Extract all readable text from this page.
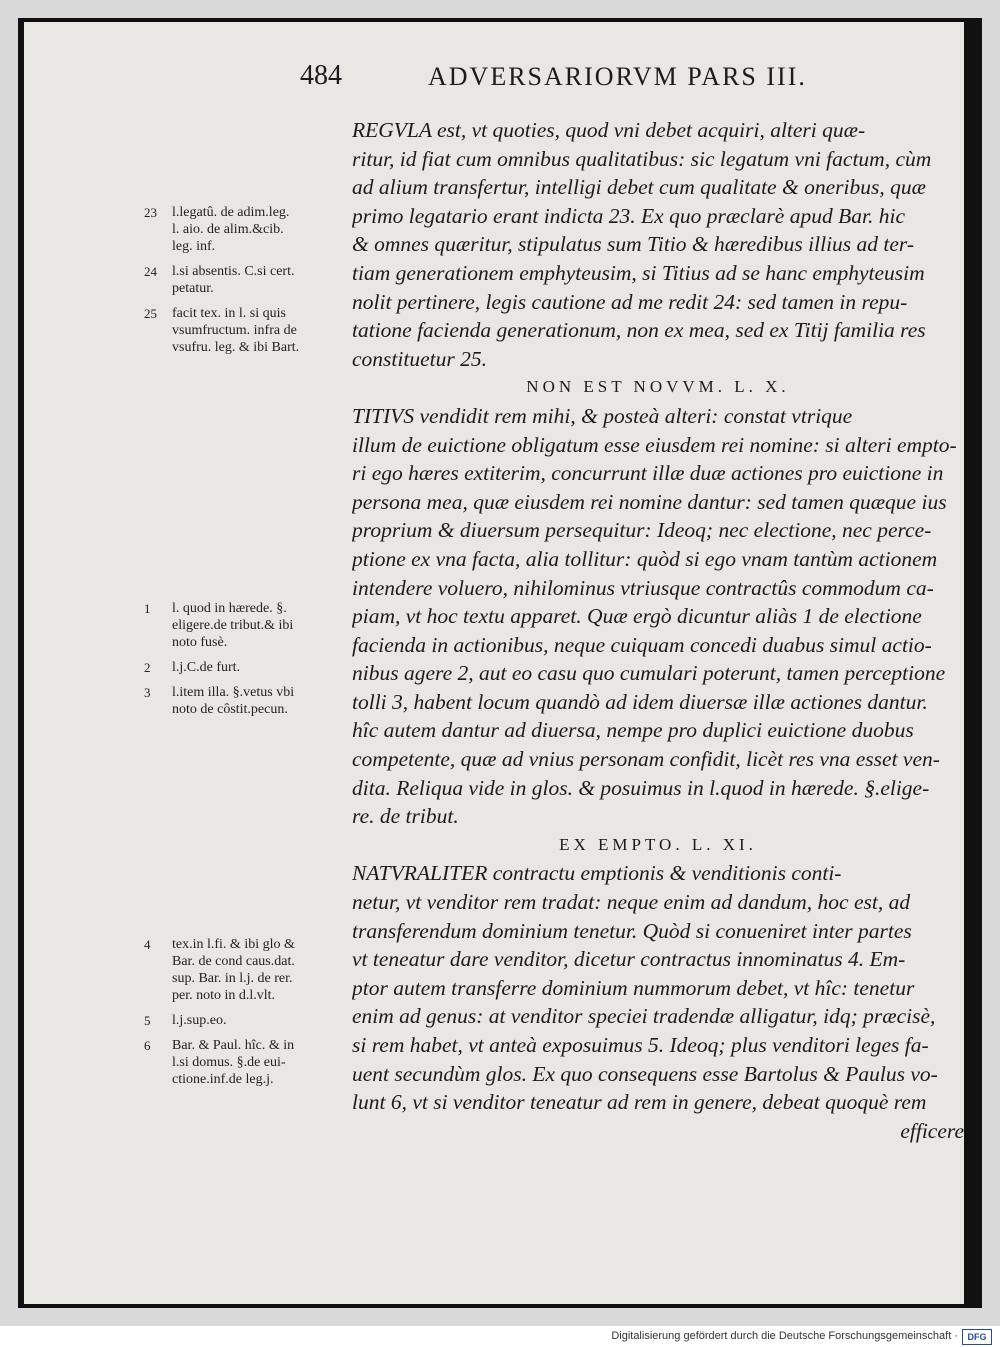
484	ADVERSARIORVM PARS III.
REGVLA est, vt quoties, quod vni debet acquiri, alteri quæ-
ritur, id fiat cum omnibus qualitatibus: sic legatum vni factum, cùm
ad alium transfertur, intelligi debet cum qualitate & oneribus, quæ
primo legatario erant indicta 23. Ex quo præclarè apud Bar. hic
& omnes quæritur, stipulatus sum Titio & hæredibus illius ad ter-
tiam generationem emphyteusim, si Titius ad se hanc emphyteusim
nolit pertinere, legis cautione ad me redit 24: sed tamen in repu-
tatione facienda generationum, non ex mea, sed ex Titij familia res
constituetur 25.
NON EST NOVVM. L. X.
TITIVS vendidit rem mihi, & posteà alteri: constat vtrique
illum de euictione obligatum esse eiusdem rei nomine: si alteri empto-
ri ego hæres extiterim, concurrunt illæ duæ actiones pro euictione in
persona mea, quæ eiusdem rei nomine dantur: sed tamen quæque ius
proprium & diuersum persequitur: Ideoq; nec electione, nec perce-
ptione ex vna facta, alia tollitur: quòd si ego vnam tantùm actionem
intendere voluero, nihilominus vtriusque contractûs commodum ca-
piam, vt hoc textu apparet. Quæ ergò dicuntur aliàs 1 de electione
facienda in actionibus, neque cuiquam concedi duabus simul actio-
nibus agere 2, aut eo casu quo cumulari poterunt, tamen perceptione
tolli 3, habent locum quandò ad idem diuersæ illæ actiones dantur.
hîc autem dantur ad diuersa, nempe pro duplici euictione duobus
competente, quæ ad vnius personam confidit, licèt res vna esset ven-
dita. Reliqua vide in glos. & posuimus in l.quod in hærede. §.elige-
re. de tribut.
EX EMPTO. L. XI.
NATVRALITER contractu emptionis & venditionis conti-
netur, vt venditor rem tradat: neque enim ad dandum, hoc est, ad
transferendum dominium tenetur. Quòd si conueniret inter partes
vt teneatur dare venditor, dicetur contractus innominatus 4. Em-
ptor autem transferre dominium nummorum debet, vt hîc: tenetur
enim ad genus: at venditor speciei tradendæ alligatur, idq; præcisè,
si rem habet, vt anteà exposuimus 5. Ideoq; plus venditori leges fa-
uent secundùm glos. Ex quo consequens esse Bartolus & Paulus vo-
lunt 6, vt si venditor teneatur ad rem in genere, debeat quoquè rem
efficere
23 l.legatû. de adim.leg.
l. aio. de alim.&cib.
leg. inf.
24 l.si absentis. C.si cert.
petatur.
25 facit tex. in l. si quis
vsumfructum. infra de
vsufru. leg. & ibi Bart.
1 l. quod in hærede. §.
eligere.de tribut.& ibi
noto fusè.
2 l.j.C.de furt.
3 l.item illa. §.vetus vbi
noto de côstit.pecun.
4 tex.in l.fi. & ibi glo &
Bar. de cond caus.dat.
sup. Bar. in l.j. de rer.
per. noto in d.l.vlt.
5 l.j.sup.eo.
6 Bar. & Paul. hîc. & in
l.si domus. §.de eui-
ctione.inf.de leg.j.
Digitalisierung gefördert durch die Deutsche Forschungsgemeinschaft ·	DFG
